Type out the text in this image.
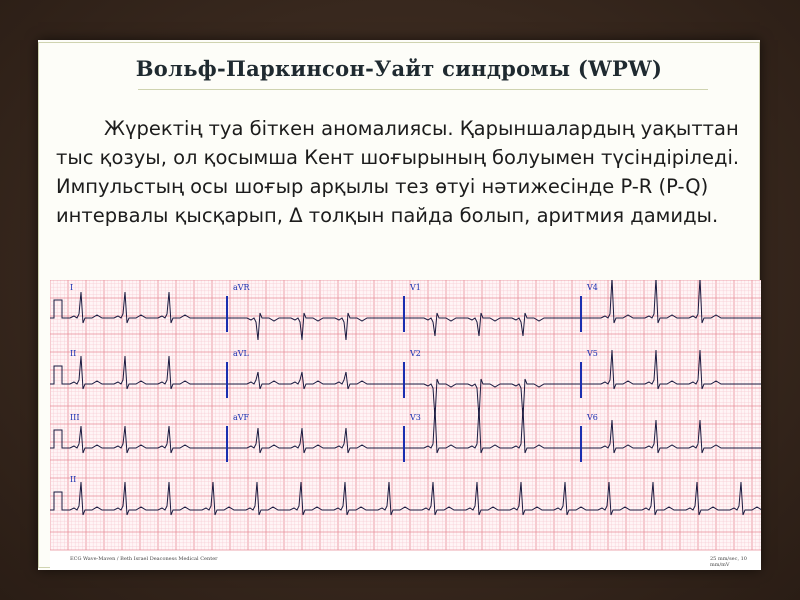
Вольф-Паркинсон-Уайт синдромы (WPW)
Жүректің туа біткен аномалиясы. Қарыншалардың уақыттан тыс қозуы, ол қосымша Кент шоғырының болуымен түсіндіріледі. Импульстың осы шоғыр арқылы тез өтуі нәтижесінде P-R (P-Q) интервалы қысқарып, Δ толқын пайда болып, аритмия дамиды.
I	aVR	V1	V4
II	aVL	V2	V5
III	aVF	V3	V6
II
ECG Wave-Maven / Beth Israel Deaconess Medical Center	25 mm/sec, 10 mm/mV
